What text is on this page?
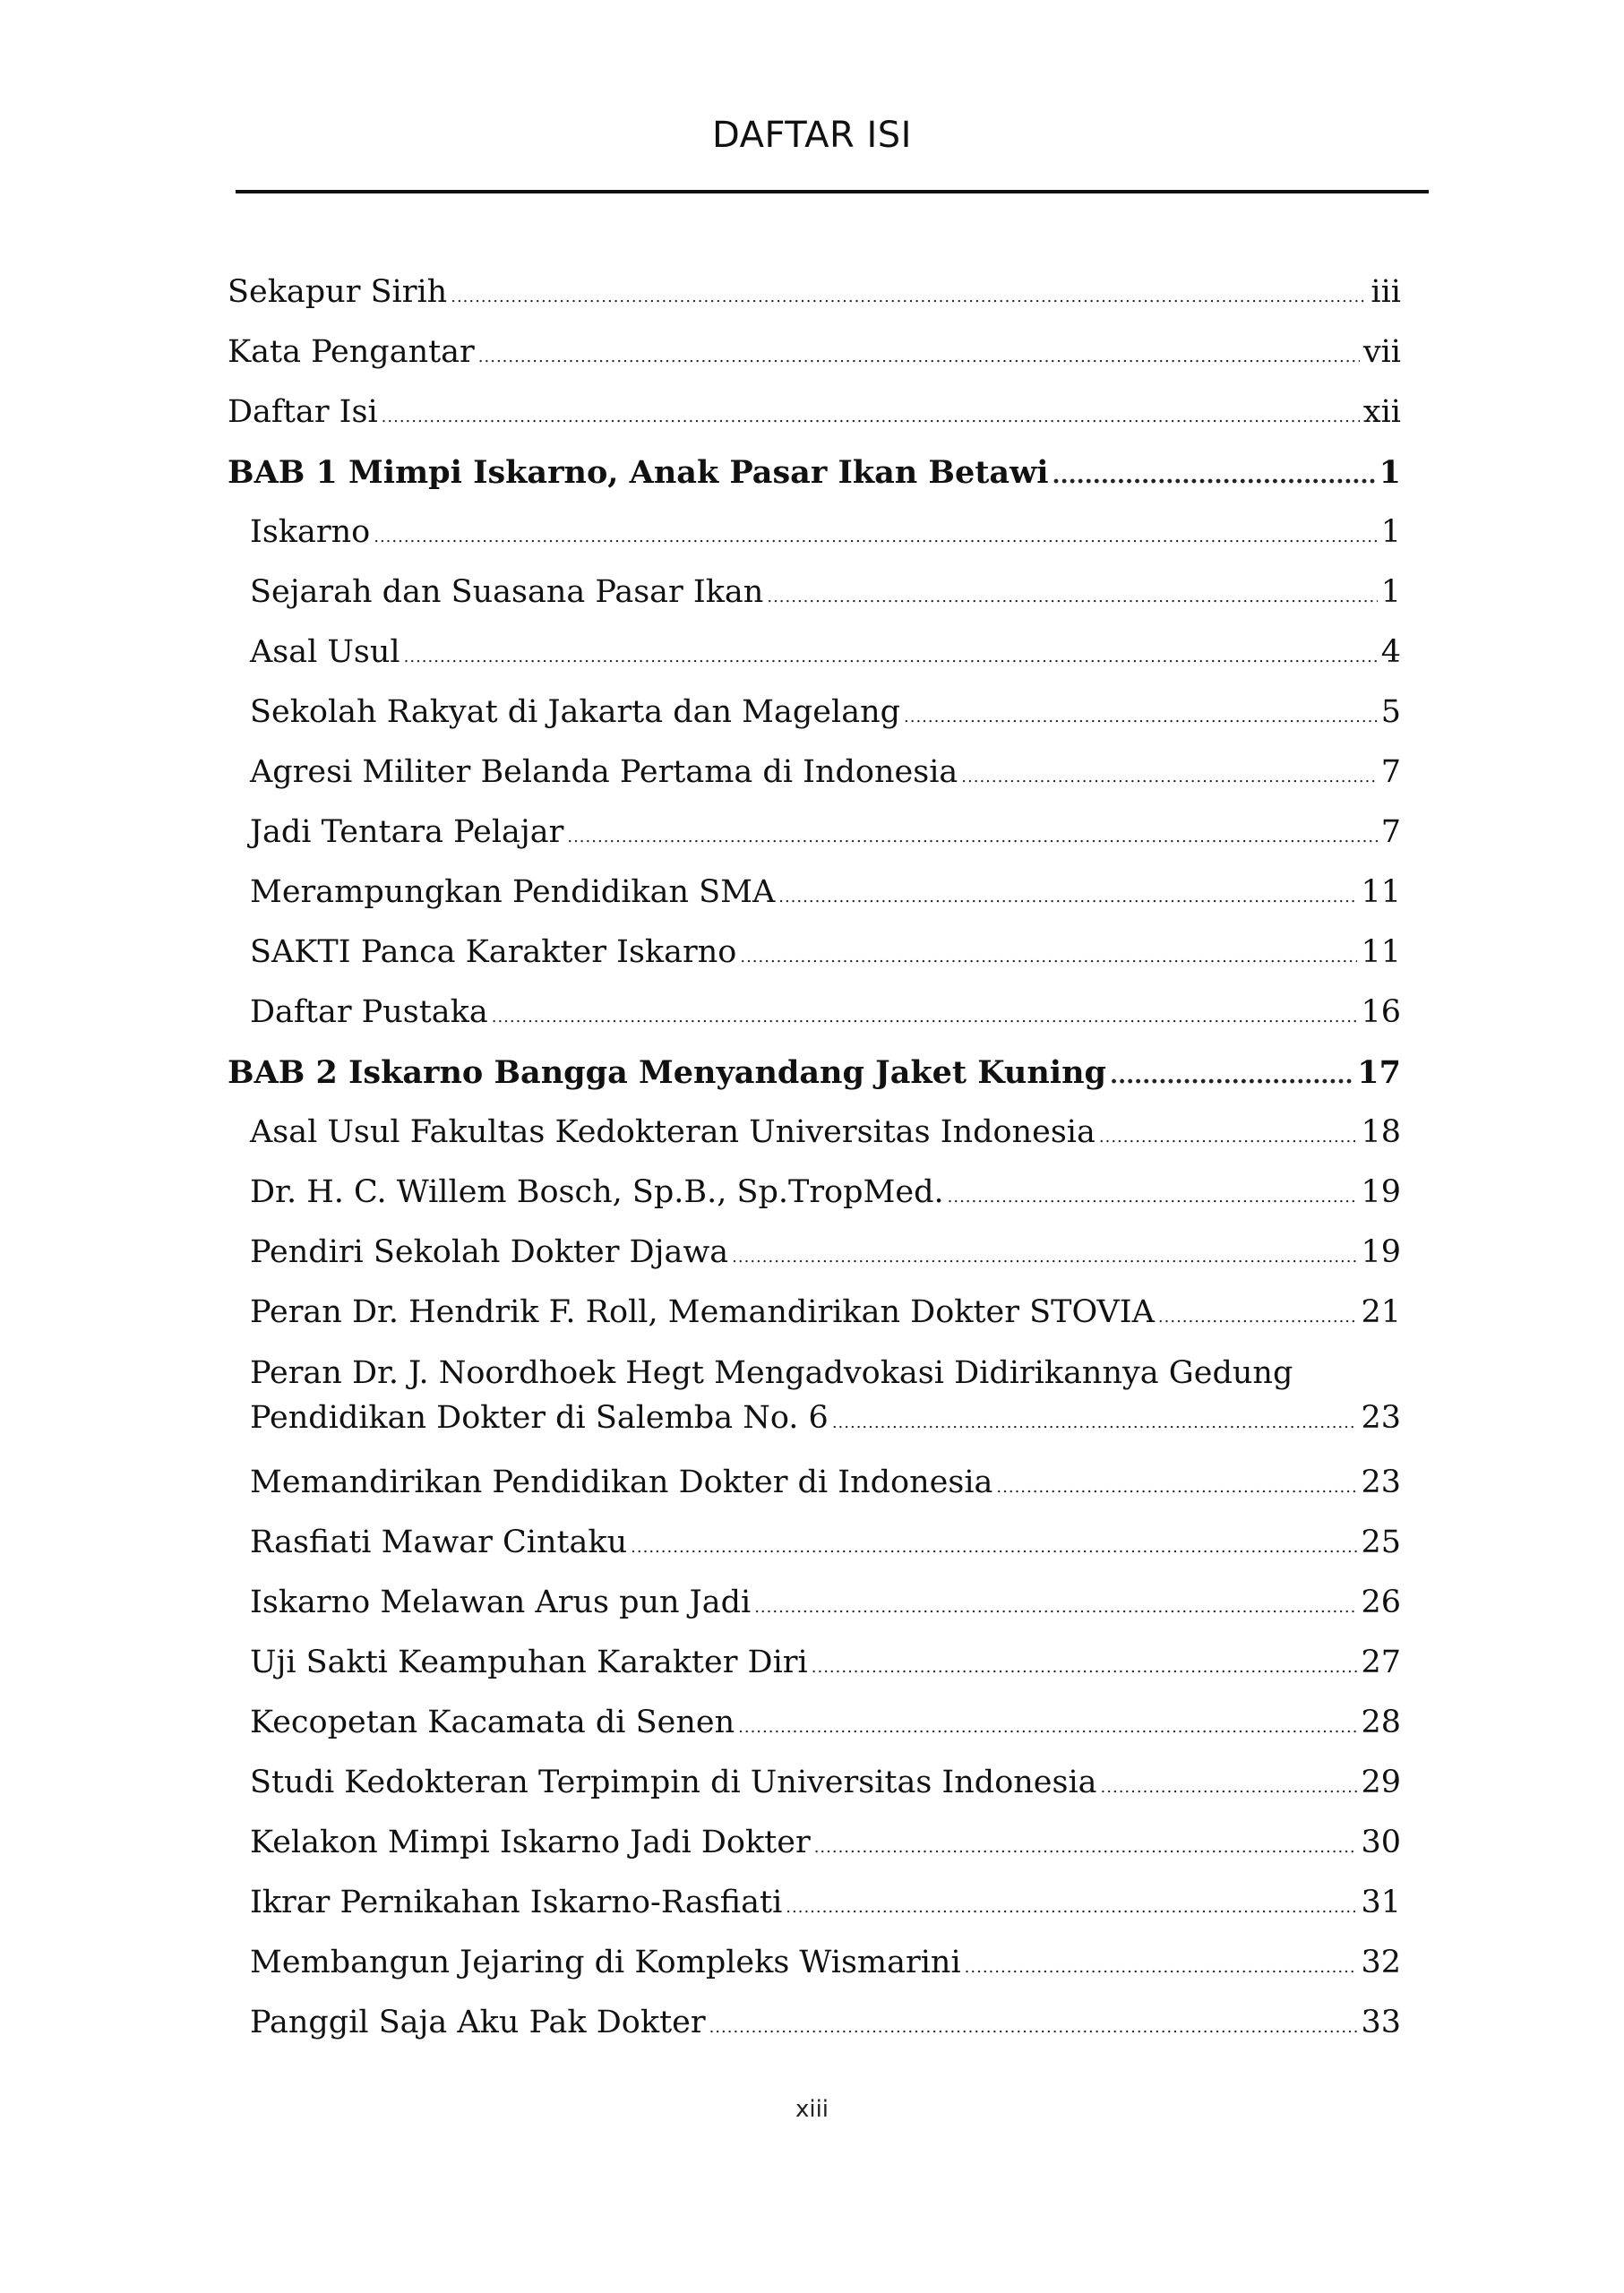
DAFTAR ISI
Sekapur Sirih .....	iii
Kata Pengantar .....	vii
Daftar Isi .....	xii
BAB 1 Mimpi Iskarno, Anak Pasar Ikan Betawi .....	1
Iskarno .....	1
Sejarah dan Suasana Pasar Ikan .....	1
Asal Usul .....	4
Sekolah Rakyat di Jakarta dan Magelang .....	5
Agresi Militer Belanda Pertama di Indonesia .....	7
Jadi Tentara Pelajar .....	7
Merampungkan Pendidikan SMA .....	11
SAKTI Panca Karakter Iskarno .....	11
Daftar Pustaka .....	16
BAB 2 Iskarno Bangga Menyandang Jaket Kuning .....	17
Asal Usul Fakultas Kedokteran Universitas Indonesia .....	18
Dr. H. C. Willem Bosch, Sp.B., Sp.TropMed. .....	19
Pendiri Sekolah Dokter Djawa .....	19
Peran Dr. Hendrik F. Roll, Memandirikan Dokter STOVIA .....	21
Peran Dr. J. Noordhoek Hegt Mengadvokasi Didirikannya Gedung
Pendidikan Dokter di Salemba No. 6 .....	23
Memandirikan Pendidikan Dokter di Indonesia .....	23
Rasfiati Mawar Cintaku .....	25
Iskarno Melawan Arus pun Jadi .....	26
Uji Sakti Keampuhan Karakter Diri .....	27
Kecopetan Kacamata di Senen .....	28
Studi Kedokteran Terpimpin di Universitas Indonesia .....	29
Kelakon Mimpi Iskarno Jadi Dokter .....	30
Ikrar Pernikahan Iskarno-Rasfiati .....	31
Membangun Jejaring di Kompleks Wismarini .....	32
Panggil Saja Aku Pak Dokter .....	33
xiii
